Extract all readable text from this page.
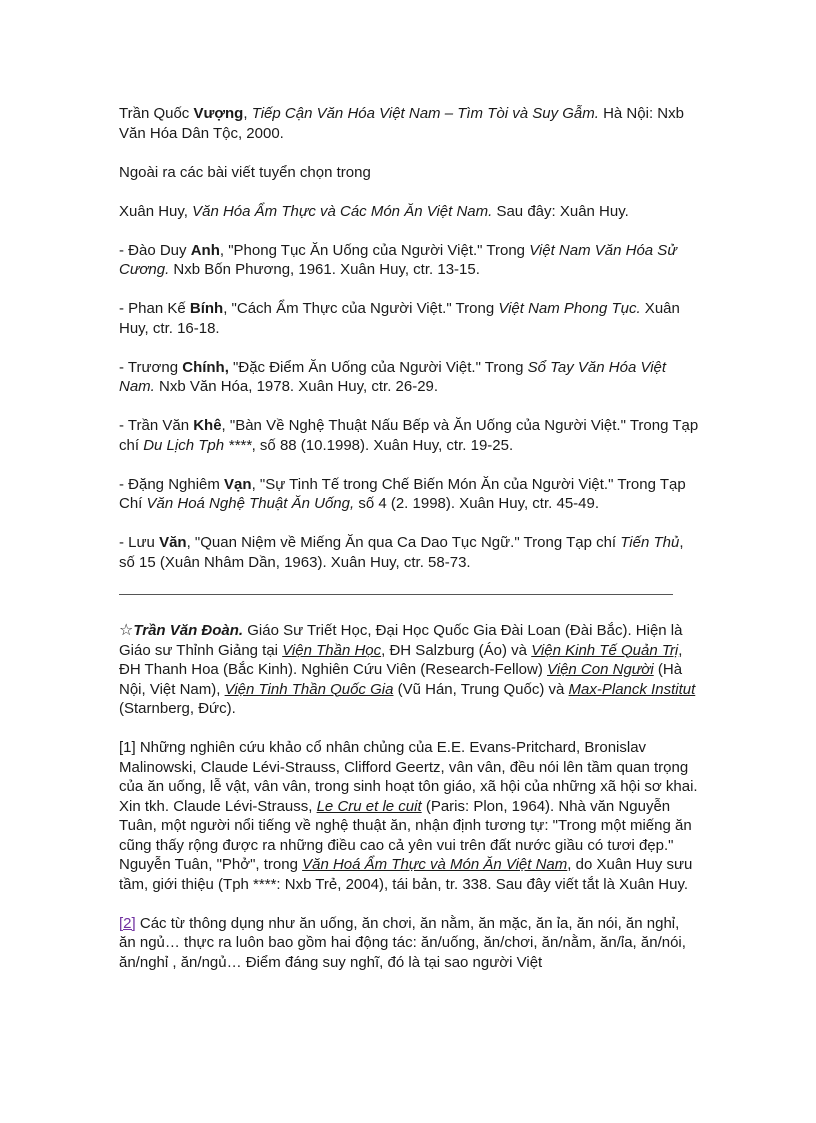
Trần Quốc Vượng, Tiếp Cận Văn Hóa Việt Nam – Tìm Tòi và Suy Gẫm. Hà Nội: Nxb Văn Hóa Dân Tộc, 2000.

Ngoài ra các bài viết tuyển chọn trong

Xuân Huy, Văn Hóa Ẩm Thực và Các Món Ăn Việt Nam. Sau đây: Xuân Huy.

- Đào Duy Anh, "Phong Tục Ăn Uống của Người Việt." Trong Việt Nam Văn Hóa Sử Cương. Nxb Bốn Phương, 1961. Xuân Huy, ctr. 13-15.

- Phan Kế Bính, "Cách Ẩm Thực của Người Việt." Trong Việt Nam Phong Tục. Xuân Huy, ctr. 16-18.

- Trương Chính, "Đặc Điểm Ăn Uống của Người Việt." Trong Sổ Tay Văn Hóa Việt Nam. Nxb Văn Hóa, 1978. Xuân Huy, ctr. 26-29.

- Trần Văn Khê, "Bàn Về Nghệ Thuật Nấu Bếp và Ăn Uống của Người Việt." Trong Tạp chí Du Lịch Tph ****, số 88 (10.1998). Xuân Huy, ctr. 19-25.

- Đặng Nghiêm Vạn, "Sự Tinh Tế trong Chế Biến Món Ăn của Người Việt." Trong Tạp Chí Văn Hoá Nghệ Thuật Ăn Uống, số 4 (2. 1998). Xuân Huy, ctr. 45-49.

- Lưu Văn, "Quan Niệm về Miếng Ăn qua Ca Dao Tục Ngữ." Trong Tạp chí Tiến Thủ, số 15 (Xuân Nhâm Dần, 1963). Xuân Huy, ctr. 58-73.

☆Trần Văn Đoàn. Giáo Sư Triết Học, Đại Học Quốc Gia Đài Loan (Đài Bắc). Hiện là Giáo sư Thỉnh Giảng tại Viện Thần Học, ĐH Salzburg (Áo) và Viện Kinh Tế Quản Trị, ĐH Thanh Hoa (Bắc Kinh). Nghiên Cứu Viên (Research-Fellow) Viện Con Người (Hà Nội, Việt Nam), Viện Tinh Thần Quốc Gia (Vũ Hán, Trung Quốc) và Max-Planck Institut (Starnberg, Đức).

[1] Những nghiên cứu khảo cổ nhân chủng của E.E. Evans-Pritchard, Bronislav Malinowski, Claude Lévi-Strauss, Clifford Geertz, vân vân, đều nói lên tầm quan trọng của ăn uống, lễ vật, vân vân, trong sinh hoạt tôn giáo, xã hội của những xã hội sơ khai. Xin tkh. Claude Lévi-Strauss, Le Cru et le cuit (Paris: Plon, 1964). Nhà văn Nguyễn Tuân, một người nổi tiếng về nghệ thuật ăn, nhận định tương tự: "Trong một miếng ăn cũng thấy rộng được ra những điều cao cả yên vui trên đất nước giầu có tươi đẹp." Nguyễn Tuân, "Phở", trong Văn Hoá Ẩm Thực và Món Ăn Việt Nam, do Xuân Huy sưu tầm, giới thiệu (Tph ****: Nxb Trẻ, 2004), tái bản, tr. 338. Sau đây viết tắt là Xuân Huy.

[2] Các từ thông dụng như ăn uống, ăn chơi, ăn nằm, ăn mặc, ăn ỉa, ăn nói, ăn nghỉ, ăn ngủ… thực ra luôn bao gồm hai động tác: ăn/uống, ăn/chơi, ăn/nằm, ăn/ỉa, ăn/nói, ăn/nghỉ , ăn/ngủ… Điểm đáng suy nghĩ, đó là tại sao người Việt
